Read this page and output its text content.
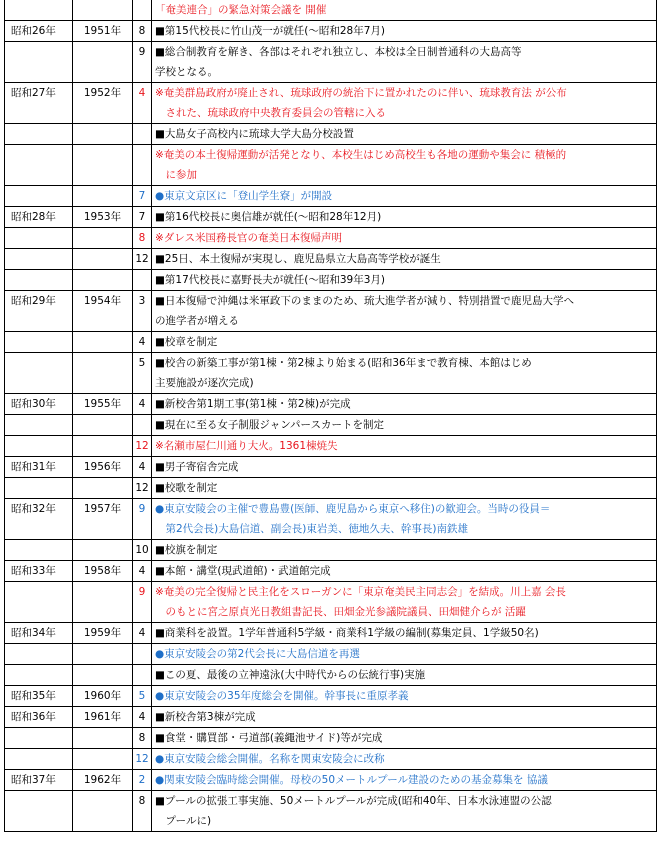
			「奄美連合」の緊急対策会議を 開催
昭和26年	1951年	8	■第15代校長に竹山茂一が就任(～昭和28年7月)
		9	■総合制教育を解き、各部はそれぞれ独立し、本校は全日制普通科の大島高等
			学校となる。
昭和27年	1952年	4	※奄美群島政府が廃止され、琉球政府の統治下に置かれたのに伴い、琉球教育法 が公布
			　された、琉球政府中央教育委員会の管轄に入る
			■大島女子高校内に琉球大学大島分校設置
			※奄美の本土復帰運動が活発となり、本校生はじめ高校生も各地の運動や集会に 積極的
			　に参加
		7	●東京文京区に「登山学生寮」が開設
昭和28年	1953年	7	■第16代校長に奥信雄が就任(～昭和28年12月)
		8	※ダレス米国務長官の奄美日本復帰声明
		12	■25日、本土復帰が実現し、鹿児島県立大島高等学校が誕生
			■第17代校長に嘉野長夫が就任(～昭和39年3月)
昭和29年	1954年	3	■日本復帰で沖縄は米軍政下のままのため、琉大進学者が減り、特別措置で鹿児島大学へ
			の進学者が増える
		4	■校章を制定
		5	■校舎の新築工事が第1棟・第2棟より始まる(昭和36年まで教育棟、本館はじめ
			主要施設が逐次完成)
昭和30年	1955年	4	■新校舎第1期工事(第1棟・第2棟)が完成
			■現在に至る女子制服ジャンパースカートを制定
		12	※名瀬市屋仁川通り大火。1361棟焼失
昭和31年	1956年	4	■男子寄宿舎完成
		12	■校歌を制定
昭和32年	1957年	9	●東京安陵会の主催で豊島豊(医師、鹿児島から東京へ移住)の歓迎会。当時の役員＝
			　第2代会長)大島信道、副会長)東岩美、徳地久夫、幹事長)南鉄雄
		10	■校旗を制定
昭和33年	1958年	4	■本館・講堂(現武道館)・武道館完成
		9	※奄美の完全復帰と民主化をスローガンに「東京奄美民主同志会」を結成。川上嘉 会長
			　のもとに宮之原貞光日教組書記長、田畑金光参議院議員、田畑健介らが 活躍
昭和34年	1959年	4	■商業科を設置。1学年普通科5学級・商業科1学級の編制(募集定員、1学級50名)
			●東京安陵会の第2代会長に大島信道を再選
			■この夏、最後の立神遠泳(大中時代からの伝統行事)実施
昭和35年	1960年	5	●東京安陵会の35年度総会を開催。幹事長に重原孝義
昭和36年	1961年	4	■新校舎第3棟が完成
		8	■食堂・購買部・弓道部(義繩池サイド)等が完成
		12	●東京安陵会総会開催。名称を関東安陵会に改称
昭和37年	1962年	2	●関東安陵会臨時総会開催。母校の50メートルプール建設のための基金募集を 協議
		8	■プールの拡張工事実施、50メートルプールが完成(昭和40年、日本水泳連盟の公認
			　プールに)
